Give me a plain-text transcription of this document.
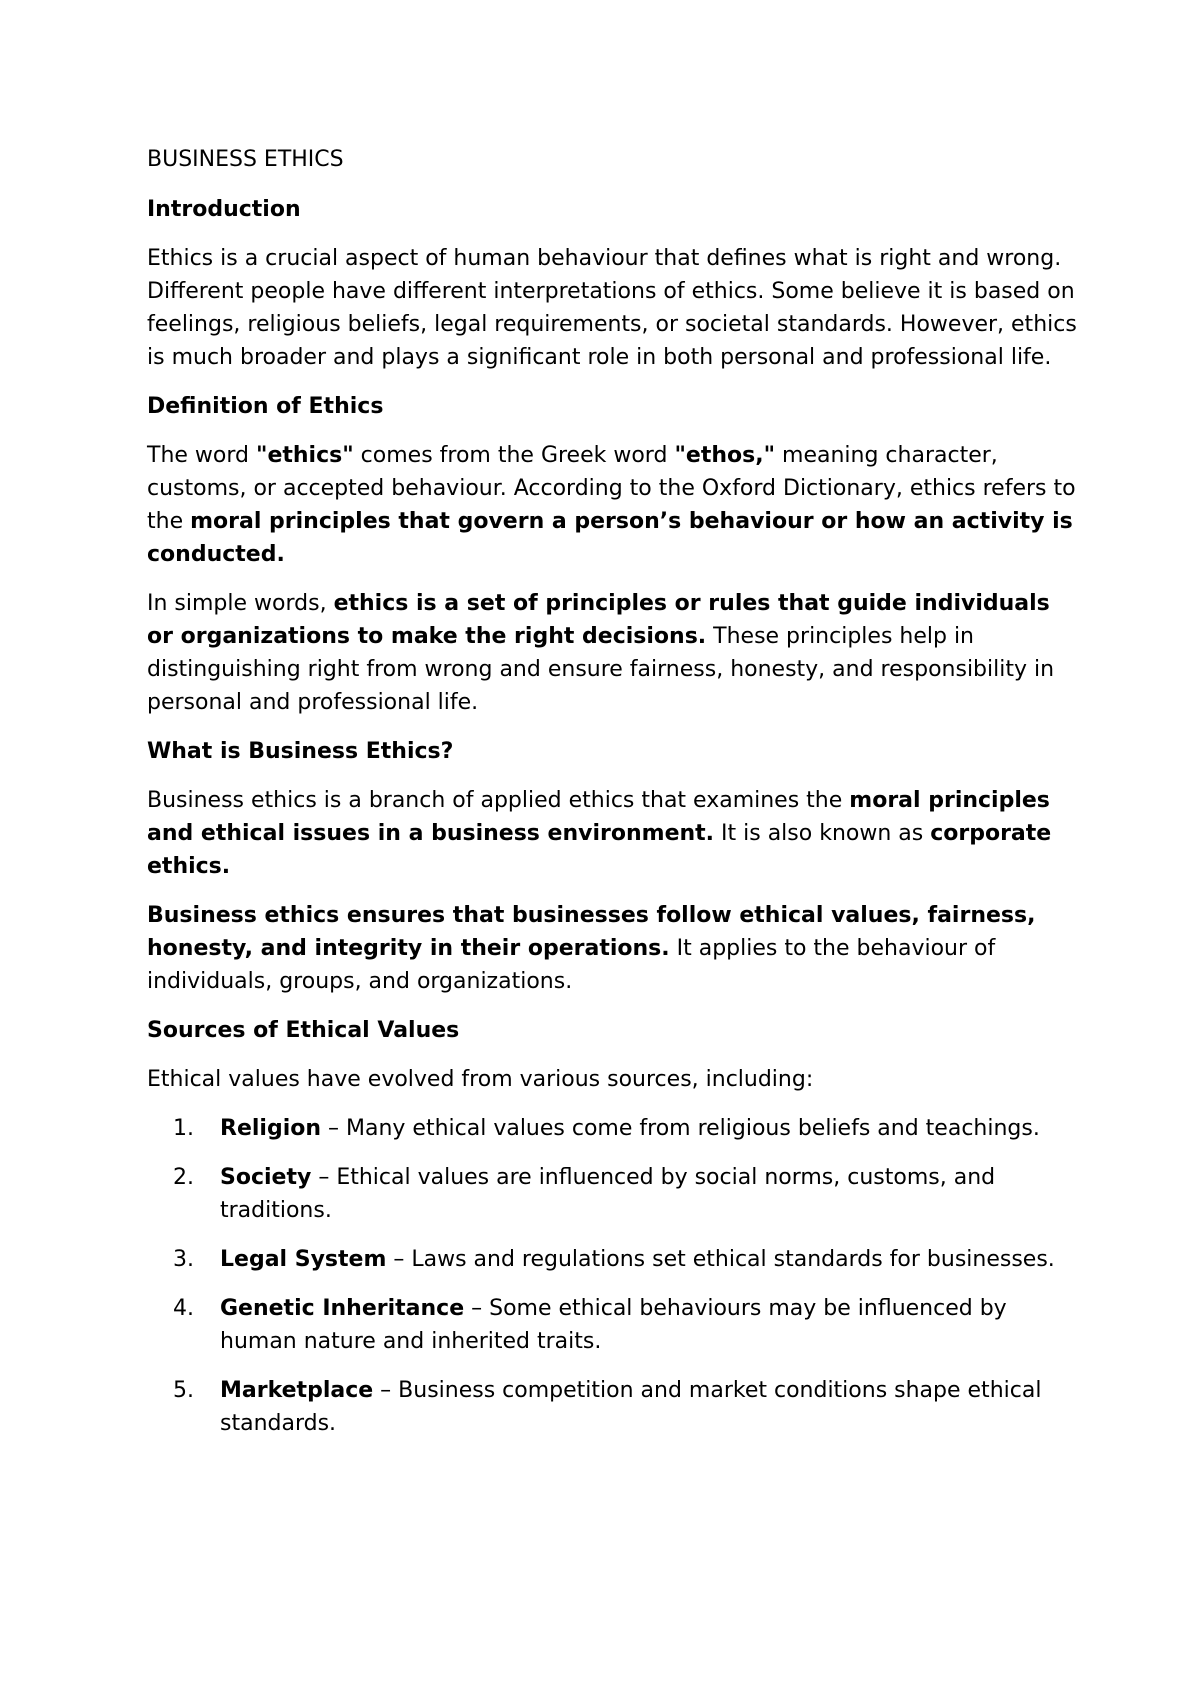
BUSINESS ETHICS
Introduction

Ethics is a crucial aspect of human behaviour that defines what is right and wrong. Different people have different interpretations of ethics. Some believe it is based on feelings, religious beliefs, legal requirements, or societal standards. However, ethics is much broader and plays a significant role in both personal and professional life.

Definition of Ethics

The word "ethics" comes from the Greek word "ethos," meaning character, customs, or accepted behaviour. According to the Oxford Dictionary, ethics refers to the moral principles that govern a person’s behaviour or how an activity is conducted.

In simple words, ethics is a set of principles or rules that guide individuals or organizations to make the right decisions. These principles help in distinguishing right from wrong and ensure fairness, honesty, and responsibility in personal and professional life.

What is Business Ethics?

Business ethics is a branch of applied ethics that examines the moral principles and ethical issues in a business environment. It is also known as corporate ethics.

Business ethics ensures that businesses follow ethical values, fairness, honesty, and integrity in their operations. It applies to the behaviour of individuals, groups, and organizations.

Sources of Ethical Values

Ethical values have evolved from various sources, including:

1. Religion – Many ethical values come from religious beliefs and teachings.
2. Society – Ethical values are influenced by social norms, customs, and traditions.
3. Legal System – Laws and regulations set ethical standards for businesses.
4. Genetic Inheritance – Some ethical behaviours may be influenced by human nature and inherited traits.
5. Marketplace – Business competition and market conditions shape ethical standards.
